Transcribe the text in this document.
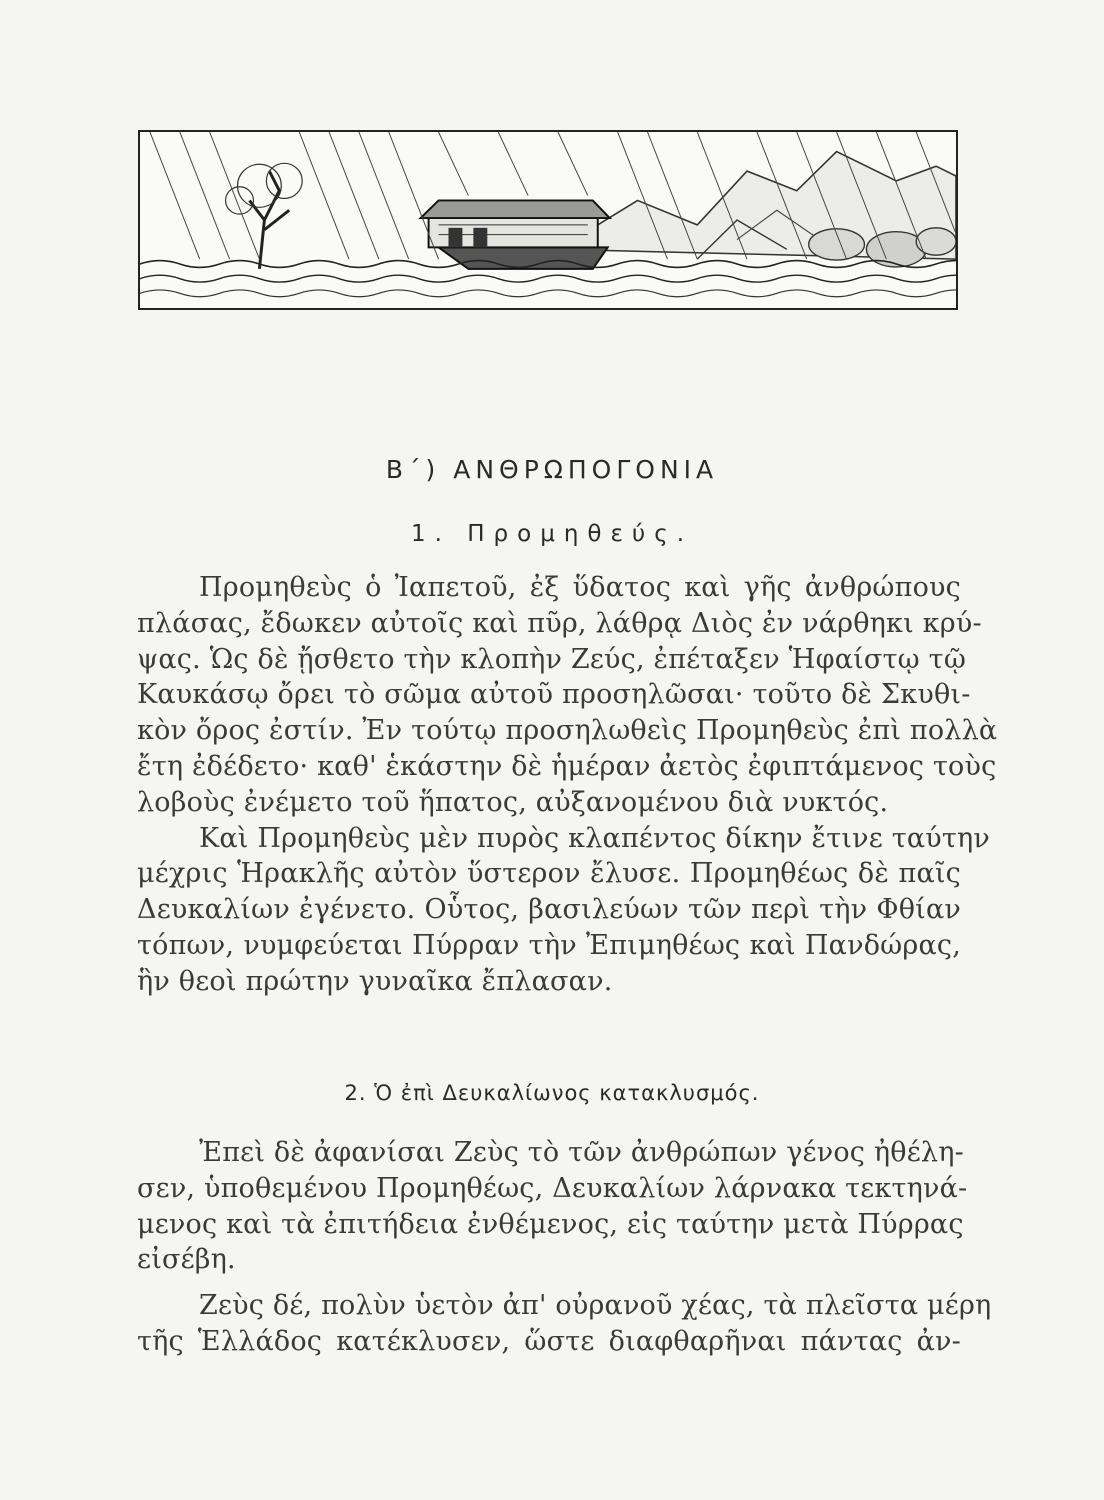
Β΄) ΑΝΘΡΩΠΟΓΟΝΙΑ
1. Προμηθεύς.
Προμηθεὺς ὁ Ἰαπετοῦ, ἐξ ὕδατος καὶ γῆς ἀνθρώπους
πλάσας, ἔδωκεν αὐτοῖς καὶ πῦρ, λάθρᾳ Διὸς ἐν νάρθηκι κρύ-
ψας. Ὡς δὲ ᾔσθετο τὴν κλοπὴν Ζεύς, ἐπέταξεν Ἡφαίστῳ τῷ
Καυκάσῳ ὄρει τὸ σῶμα αὐτοῦ προσηλῶσαι· τοῦτο δὲ Σκυθι-
κὸν ὄρος ἐστίν. Ἐν τούτῳ προσηλωθεὶς Προμηθεὺς ἐπὶ πολλὰ
ἔτη ἐδέδετο· καθ' ἑκάστην δὲ ἡμέραν ἀετὸς ἐφιπτάμενος τοὺς
λοβοὺς ἐνέμετο τοῦ ἥπατος, αὐξανομένου διὰ νυκτός.
Καὶ Προμηθεὺς μὲν πυρὸς κλαπέντος δίκην ἔτινε ταύτην
μέχρις Ἡρακλῆς αὐτὸν ὕστερον ἔλυσε. Προμηθέως δὲ παῖς
Δευκαλίων ἐγένετο. Οὗτος, βασιλεύων τῶν περὶ τὴν Φθίαν
τόπων, νυμφεύεται Πύρραν τὴν Ἐπιμηθέως καὶ Πανδώρας,
ἣν θεοὶ πρώτην γυναῖκα ἔπλασαν.
2. Ὁ ἐπὶ Δευκαλίωνος κατακλυσμός.
Ἐπεὶ δὲ ἀφανίσαι Ζεὺς τὸ τῶν ἀνθρώπων γένος ἠθέλη-
σεν, ὑποθεμένου Προμηθέως, Δευκαλίων λάρνακα τεκτηνά-
μενος καὶ τὰ ἐπιτήδεια ἐνθέμενος, εἰς ταύτην μετὰ Πύρρας
εἰσέβη.
Ζεὺς δέ, πολὺν ὑετὸν ἀπ' οὐρανοῦ χέας, τὰ πλεῖστα μέρη
τῆς Ἑλλάδος κατέκλυσεν, ὥστε διαφθαρῆναι πάντας ἀν-
